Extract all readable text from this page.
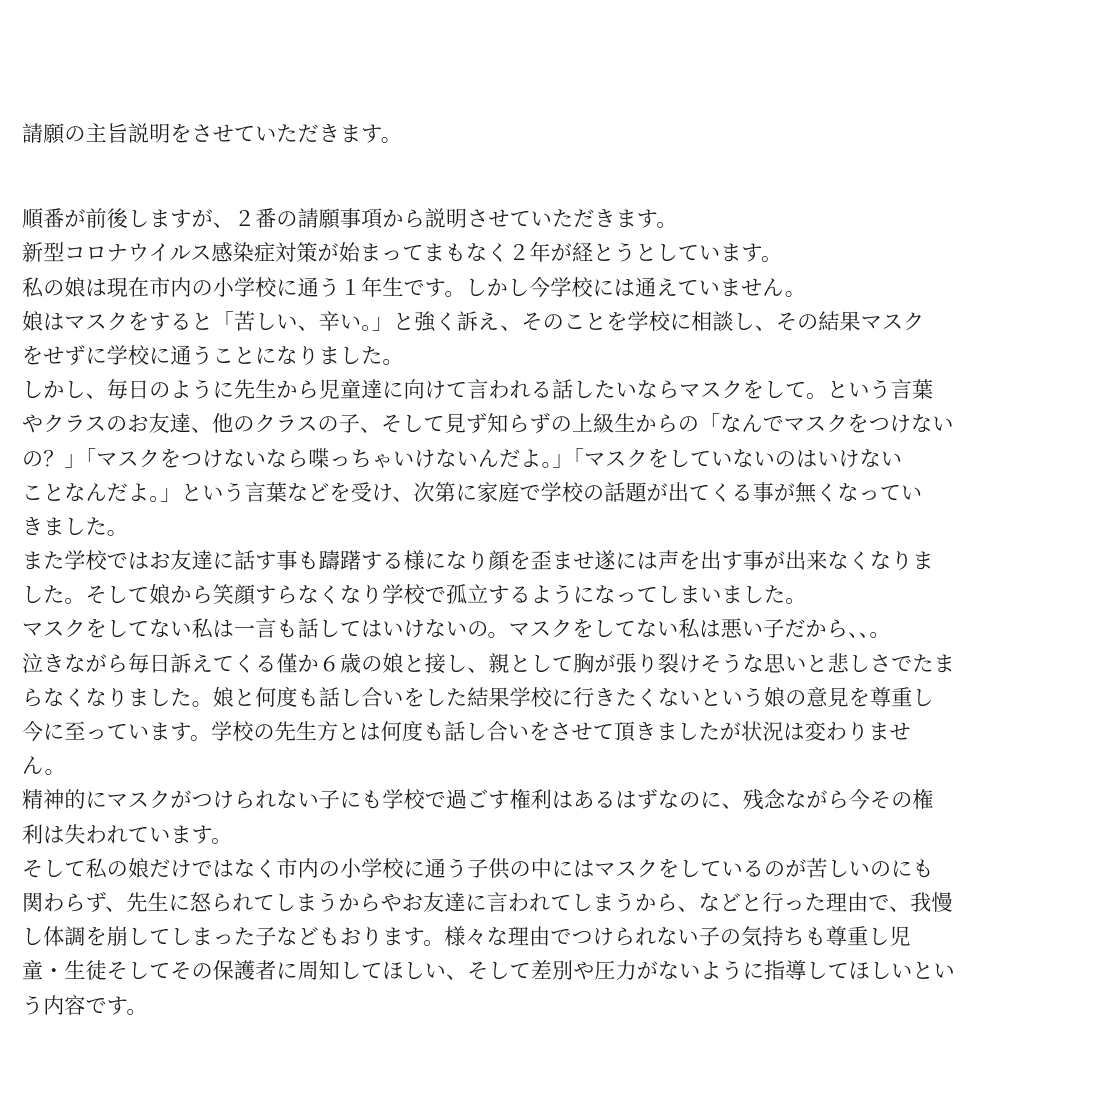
請願の主旨説明をさせていただきます。
順番が前後しますが、２番の請願事項から説明させていただきます。
新型コロナウイルス感染症対策が始まってまもなく２年が経とうとしています。
私の娘は現在市内の小学校に通う１年生です。しかし今学校には通えていません。
娘はマスクをすると「苦しい、辛い。」と強く訴え、そのことを学校に相談し、その結果マスク
をせずに学校に通うことになりました。
しかし、毎日のように先生から児童達に向けて言われる話したいならマスクをして。という言葉
やクラスのお友達、他のクラスの子、そして見ず知らずの上級生からの「なんでマスクをつけない
の？」「マスクをつけないなら喋っちゃいけないんだよ。」「マスクをしていないのはいけない
ことなんだよ。」という言葉などを受け、次第に家庭で学校の話題が出てくる事が無くなってい
きました。
また学校ではお友達に話す事も躊躇する様になり顔を歪ませ遂には声を出す事が出来なくなりま
した。そして娘から笑顔すらなくなり学校で孤立するようになってしまいました。
マスクをしてない私は一言も話してはいけないの。マスクをしてない私は悪い子だから、、。
泣きながら毎日訴えてくる僅か６歳の娘と接し、親として胸が張り裂けそうな思いと悲しさでたま
らなくなりました。娘と何度も話し合いをした結果学校に行きたくないという娘の意見を尊重し
今に至っています。学校の先生方とは何度も話し合いをさせて頂きましたが状況は変わりませ
ん。
精神的にマスクがつけられない子にも学校で過ごす権利はあるはずなのに、残念ながら今その権
利は失われています。
そして私の娘だけではなく市内の小学校に通う子供の中にはマスクをしているのが苦しいのにも
関わらず、先生に怒られてしまうからやお友達に言われてしまうから、などと行った理由で、我慢
し体調を崩してしまった子などもおります。様々な理由でつけられない子の気持ちも尊重し児
童・生徒そしてその保護者に周知してほしい、そして差別や圧力がないように指導してほしいとい
う内容です。
